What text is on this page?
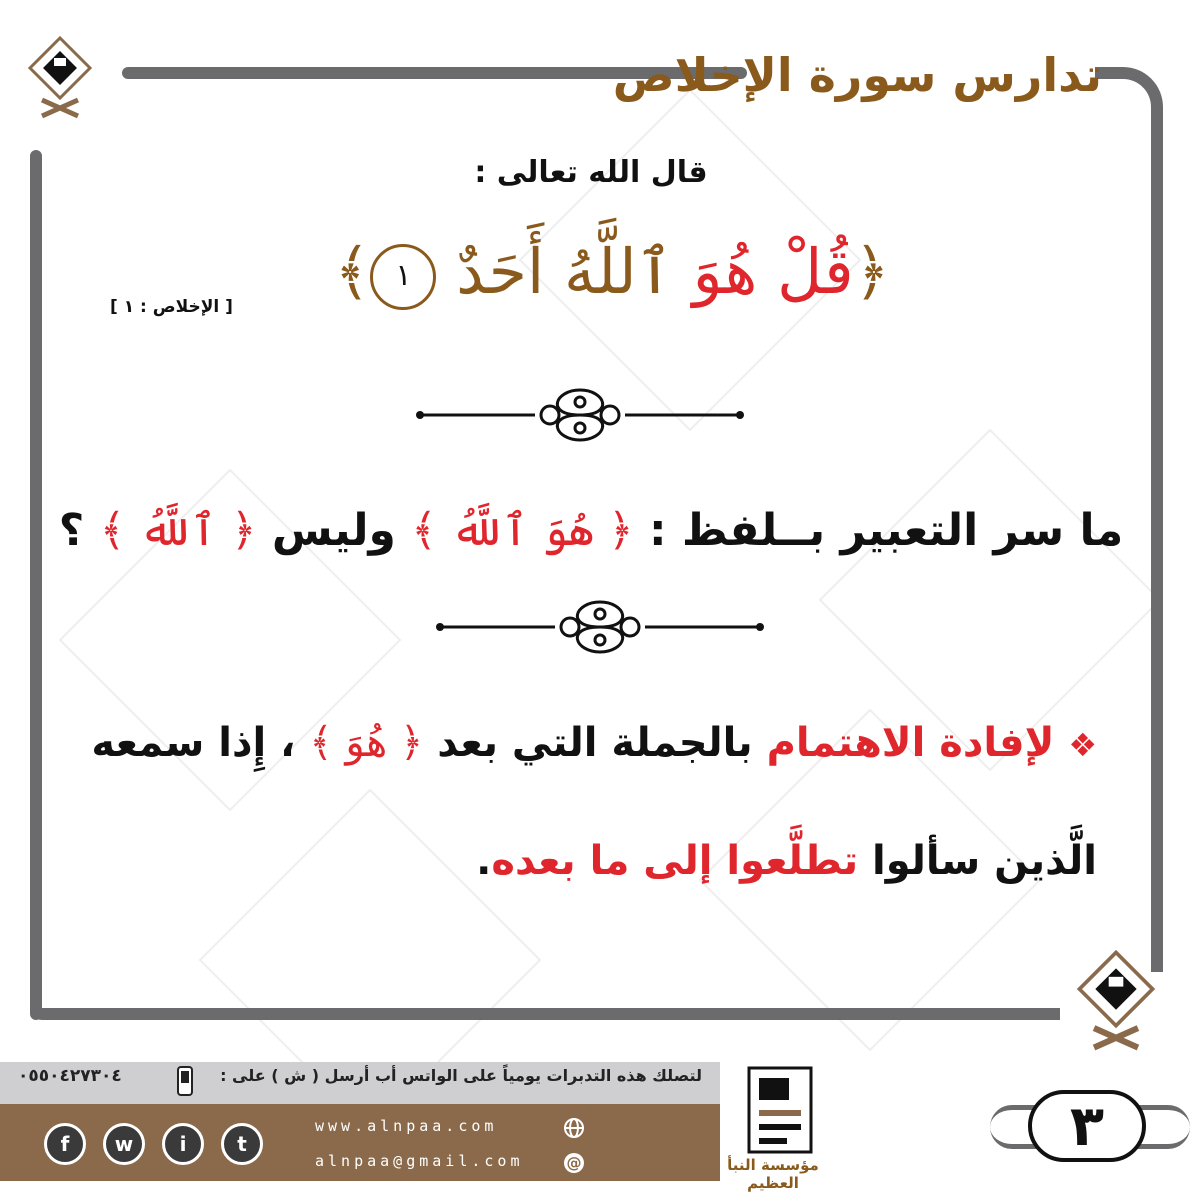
تدارس سورة الإخلاص
قال الله تعالى :
﴿قُلْ هُوَ ٱللَّهُ أَحَدٌ ١﴾
[ الإخلاص : ١ ]
ما سر التعبير بــلفظ : ﴿ هُوَ ٱللَّهُ ﴾ وليس ﴿ ٱللَّهُ ﴾ ؟
❖ لإفادة الاهتمام بالجملة التي بعد ﴿ هُوَ ﴾ ، إِذا سمعه الَّذين سألوا تطلَّعوا إلى ما بعده.
لتصلك هذه التدبرات يومياً على الواتس أب أرسل ( ش ) على :
٠٥٥٠٤٢٧٣٠٤
www.alnpaa.com
alnpaa@gmail.com	@
f	w	i	t
مؤسسة النبأ العظيم
٣
